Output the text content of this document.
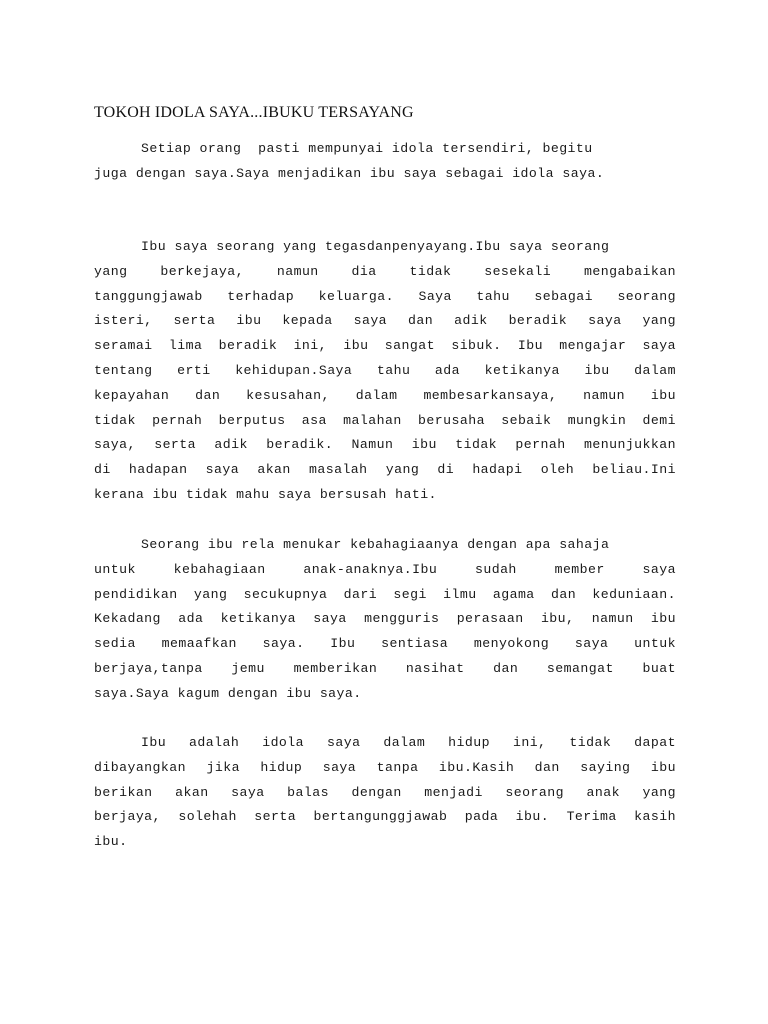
TOKOH IDOLA SAYA...IBUKU TERSAYANG
Setiap orang  pasti mempunyai idola tersendiri, begitu
juga dengan saya.Saya menjadikan ibu saya sebagai idola saya.
Ibu saya seorang yang tegasdanpenyayang.Ibu saya seorang
yang berkejaya, namun dia tidak sesekali mengabaikan
tanggungjawab terhadap keluarga. Saya tahu sebagai seorang
isteri, serta ibu kepada saya dan adik beradik saya yang
seramai lima beradik ini, ibu sangat sibuk. Ibu mengajar saya
tentang erti kehidupan.Saya tahu ada ketikanya ibu dalam
kepayahan dan kesusahan, dalam membesarkansaya, namun ibu
tidak pernah berputus asa malahan berusaha sebaik mungkin demi
saya, serta adik beradik. Namun ibu tidak pernah menunjukkan
di hadapan saya akan masalah yang di hadapi oleh beliau.Ini
kerana ibu tidak mahu saya bersusah hati.
Seorang ibu rela menukar kebahagiaanya dengan apa sahaja
untuk kebahagiaan anak-anaknya.Ibu sudah member saya
pendidikan yang secukupnya dari segi ilmu agama dan keduniaan.
Kekadang ada ketikanya saya mengguris perasaan ibu, namun ibu
sedia memaafkan saya. Ibu sentiasa menyokong saya untuk
berjaya,tanpa jemu memberikan nasihat dan semangat buat
saya.Saya kagum dengan ibu saya.
Ibu adalah idola saya dalam hidup ini, tidak dapat
dibayangkan jika hidup saya tanpa ibu.Kasih dan saying ibu
berikan akan saya balas dengan menjadi seorang anak yang
berjaya, solehah serta bertangunggjawab pada ibu. Terima kasih
ibu.
